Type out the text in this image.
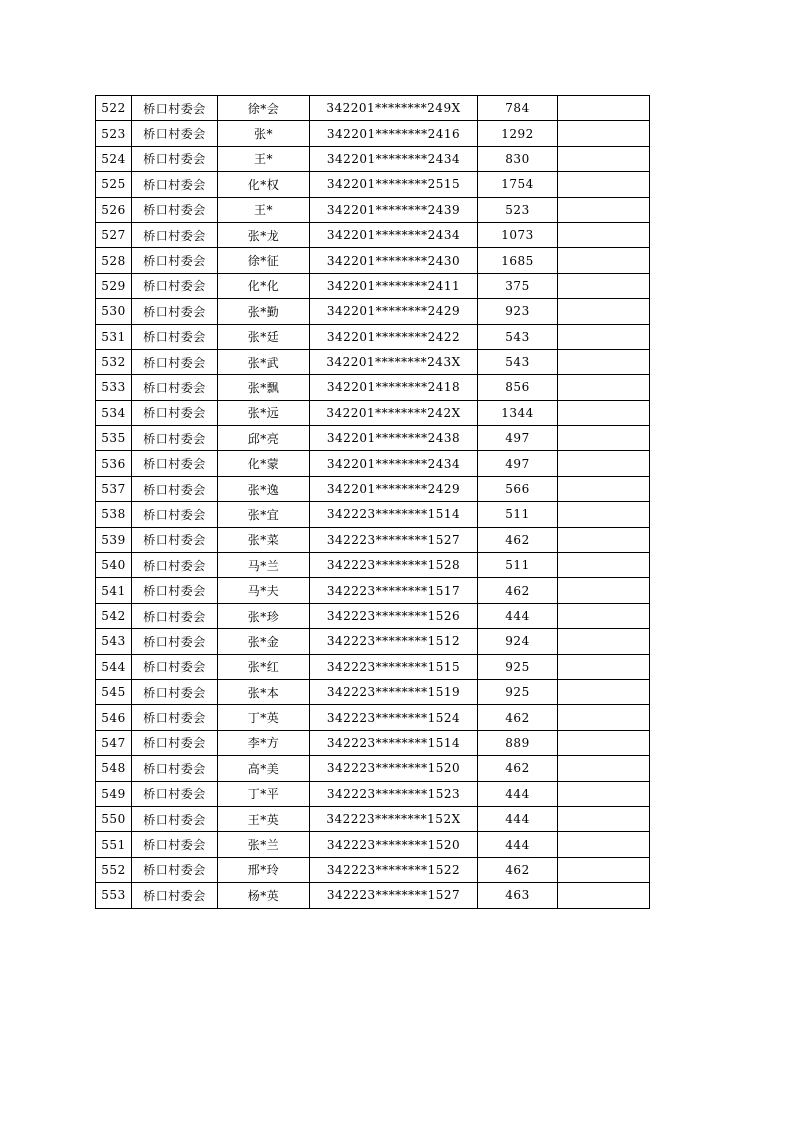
522	桥口村委会	徐*会	342201********249X	784	
523	桥口村委会	张*	342201********2416	1292	
524	桥口村委会	王*	342201********2434	830	
525	桥口村委会	化*权	342201********2515	1754	
526	桥口村委会	王*	342201********2439	523	
527	桥口村委会	张*龙	342201********2434	1073	
528	桥口村委会	徐*征	342201********2430	1685	
529	桥口村委会	化*化	342201********2411	375	
530	桥口村委会	张*勤	342201********2429	923	
531	桥口村委会	张*廷	342201********2422	543	
532	桥口村委会	张*武	342201********243X	543	
533	桥口村委会	张*飘	342201********2418	856	
534	桥口村委会	张*远	342201********242X	1344	
535	桥口村委会	邱*亮	342201********2438	497	
536	桥口村委会	化*蒙	342201********2434	497	
537	桥口村委会	张*逸	342201********2429	566	
538	桥口村委会	张*宜	342223********1514	511	
539	桥口村委会	张*菜	342223********1527	462	
540	桥口村委会	马*兰	342223********1528	511	
541	桥口村委会	马*夫	342223********1517	462	
542	桥口村委会	张*珍	342223********1526	444	
543	桥口村委会	张*金	342223********1512	924	
544	桥口村委会	张*红	342223********1515	925	
545	桥口村委会	张*本	342223********1519	925	
546	桥口村委会	丁*英	342223********1524	462	
547	桥口村委会	李*方	342223********1514	889	
548	桥口村委会	高*美	342223********1520	462	
549	桥口村委会	丁*平	342223********1523	444	
550	桥口村委会	王*英	342223********152X	444	
551	桥口村委会	张*兰	342223********1520	444	
552	桥口村委会	邢*玲	342223********1522	462	
553	桥口村委会	杨*英	342223********1527	463	
